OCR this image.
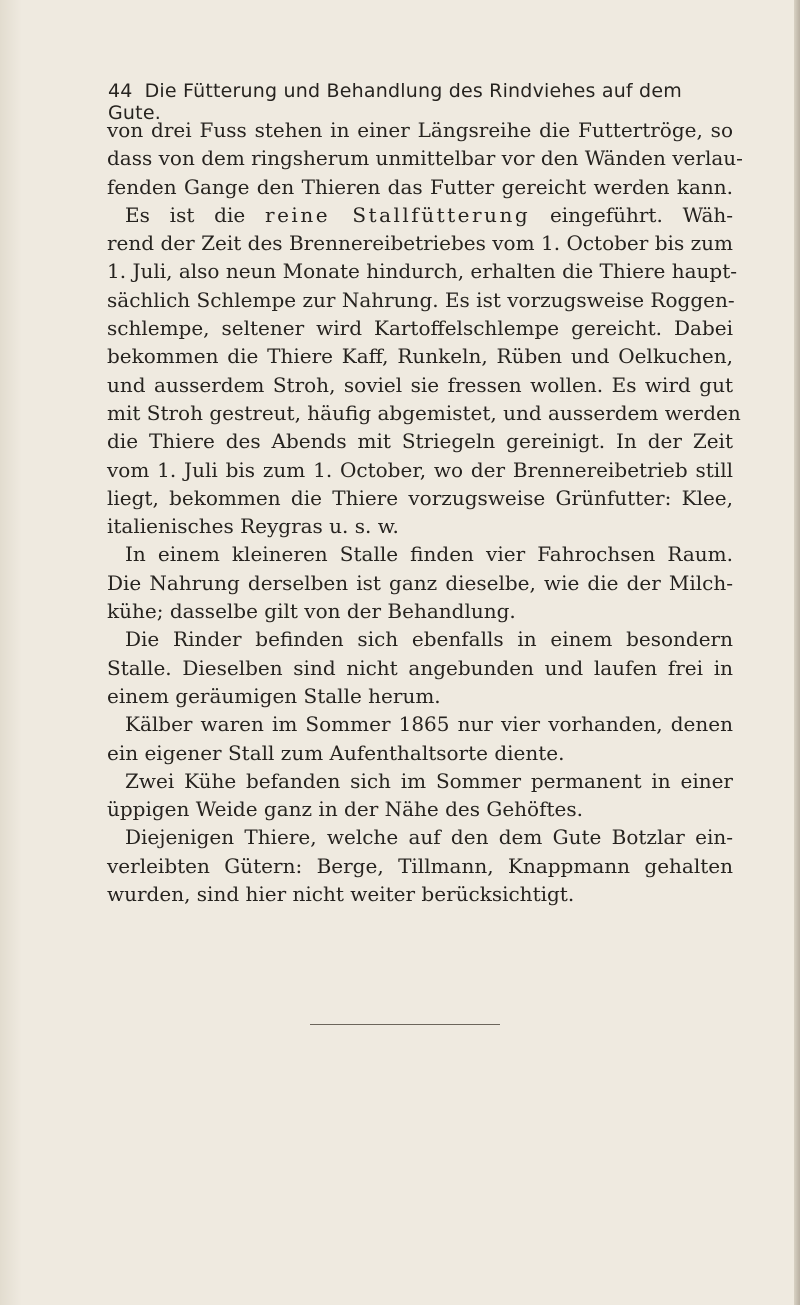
44 Die Fütterung und Behandlung des Rindviehes auf dem Gute.
von drei Fuss stehen in einer Längsreihe die Futtertröge, so
dass von dem ringsherum unmittelbar vor den Wänden verlau-
fenden Gange den Thieren das Futter gereicht werden kann.
Es ist die reine Stallfütterung eingeführt. Wäh-
rend der Zeit des Brennereibetriebes vom 1. October bis zum
1. Juli, also neun Monate hindurch, erhalten die Thiere haupt-
sächlich Schlempe zur Nahrung. Es ist vorzugsweise Roggen-
schlempe, seltener wird Kartoffelschlempe gereicht. Dabei
bekommen die Thiere Kaff, Runkeln, Rüben und Oelkuchen,
und ausserdem Stroh, soviel sie fressen wollen. Es wird gut
mit Stroh gestreut, häufig abgemistet, und ausserdem werden
die Thiere des Abends mit Striegeln gereinigt. In der Zeit
vom 1. Juli bis zum 1. October, wo der Brennereibetrieb still
liegt, bekommen die Thiere vorzugsweise Grünfutter: Klee,
italienisches Reygras u. s. w.
In einem kleineren Stalle finden vier Fahrochsen Raum.
Die Nahrung derselben ist ganz dieselbe, wie die der Milch-
kühe; dasselbe gilt von der Behandlung.
Die Rinder befinden sich ebenfalls in einem besondern
Stalle. Dieselben sind nicht angebunden und laufen frei in
einem geräumigen Stalle herum.
Kälber waren im Sommer 1865 nur vier vorhanden, denen
ein eigener Stall zum Aufenthaltsorte diente.
Zwei Kühe befanden sich im Sommer permanent in einer
üppigen Weide ganz in der Nähe des Gehöftes.
Diejenigen Thiere, welche auf den dem Gute Botzlar ein-
verleibten Gütern: Berge, Tillmann, Knappmann gehalten
wurden, sind hier nicht weiter berücksichtigt.
